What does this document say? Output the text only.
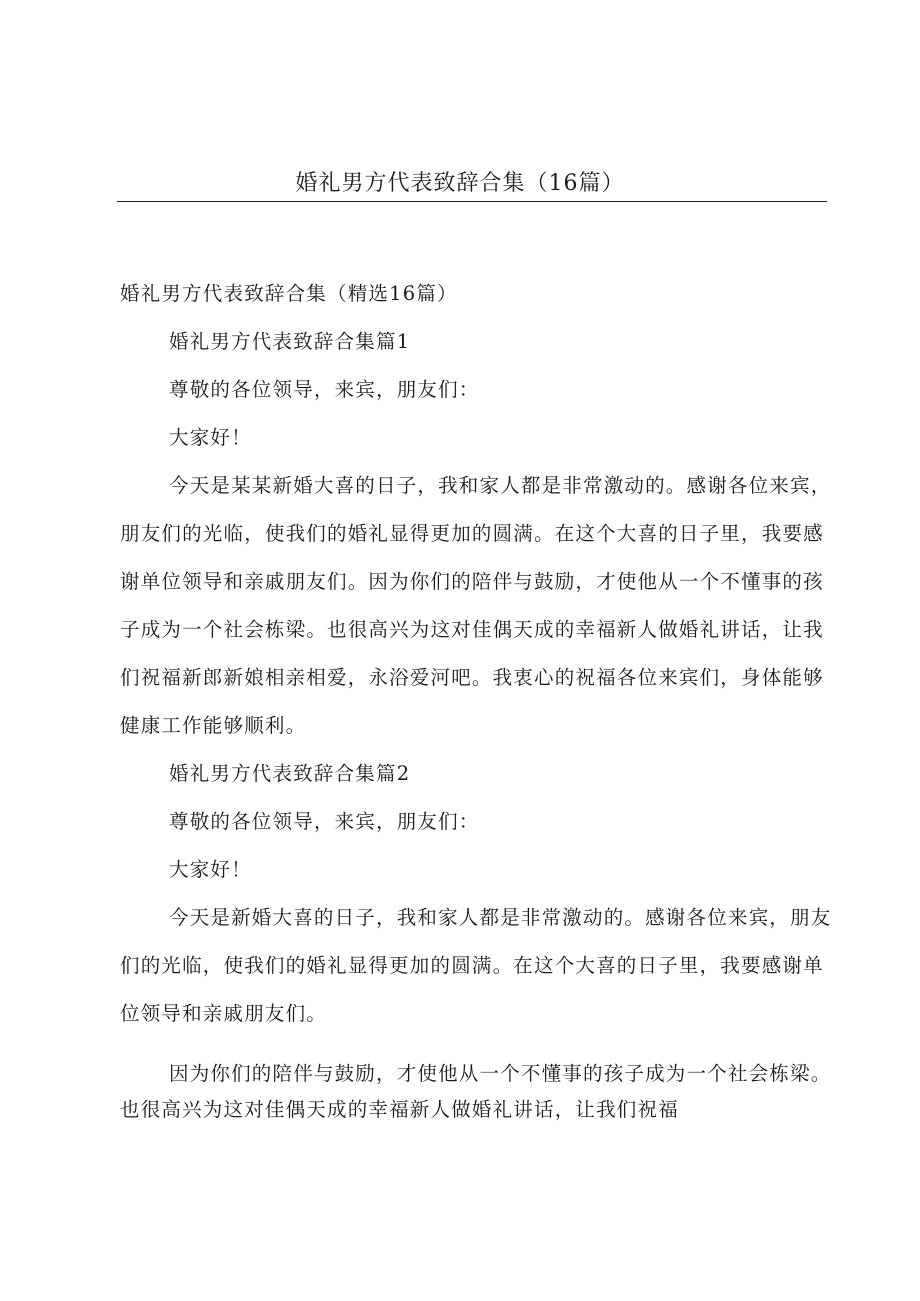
婚礼男方代表致辞合集（16篇）

婚礼男方代表致辞合集（精选16篇）

婚礼男方代表致辞合集篇1

尊敬的各位领导，来宾，朋友们：

大家好！

今天是某某新婚大喜的日子，我和家人都是非常激动的。感谢各位来宾，朋友们的光临，使我们的婚礼显得更加的圆满。在这个大喜的日子里，我要感谢单位领导和亲戚朋友们。因为你们的陪伴与鼓励，才使他从一个不懂事的孩子成为一个社会栋梁。也很高兴为这对佳偶天成的幸福新人做婚礼讲话，让我们祝福新郎新娘相亲相爱，永浴爱河吧。我衷心的祝福各位来宾们，身体能够健康工作能够顺利。

婚礼男方代表致辞合集篇2

尊敬的各位领导，来宾，朋友们：

大家好！

今天是新婚大喜的日子，我和家人都是非常激动的。感谢各位来宾，朋友们的光临，使我们的婚礼显得更加的圆满。在这个大喜的日子里，我要感谢单位领导和亲戚朋友们。

因为你们的陪伴与鼓励，才使他从一个不懂事的孩子成为一个社会栋梁。也很高兴为这对佳偶天成的幸福新人做婚礼讲话，让我们祝福
